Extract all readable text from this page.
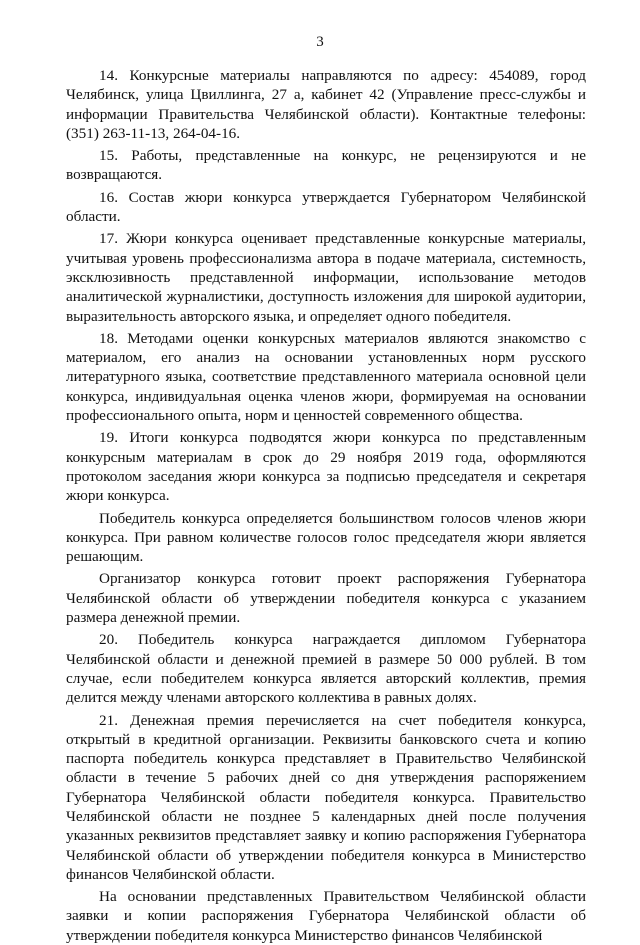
3

14. Конкурсные материалы направляются по адресу: 454089, город Челябинск, улица Цвиллинга, 27 а, кабинет 42 (Управление пресс-службы и информации Правительства Челябинской области). Контактные телефоны: (351) 263-11-13, 264-04-16.

15. Работы, представленные на конкурс, не рецензируются и не возвращаются.

16. Состав жюри конкурса утверждается Губернатором Челябинской области.

17. Жюри конкурса оценивает представленные конкурсные материалы, учитывая уровень профессионализма автора в подаче материала, системность, эксклюзивность представленной информации, использование методов аналитической журналистики, доступность изложения для широкой аудитории, выразительность авторского языка, и определяет одного победителя.

18. Методами оценки конкурсных материалов являются знакомство с материалом, его анализ на основании установленных норм русского литературного языка, соответствие представленного материала основной цели конкурса, индивидуальная оценка членов жюри, формируемая на основании профессионального опыта, норм и ценностей современного общества.

19. Итоги конкурса подводятся жюри конкурса по представленным конкурсным материалам в срок до 29 ноября 2019 года, оформляются протоколом заседания жюри конкурса за подписью председателя и секретаря жюри конкурса.

Победитель конкурса определяется большинством голосов членов жюри конкурса. При равном количестве голосов голос председателя жюри является решающим.

Организатор конкурса готовит проект распоряжения Губернатора Челябинской области об утверждении победителя конкурса с указанием размера денежной премии.

20. Победитель конкурса награждается дипломом Губернатора Челябинской области и денежной премией в размере 50 000 рублей. В том случае, если победителем конкурса является авторский коллектив, премия делится между членами авторского коллектива в равных долях.

21. Денежная премия перечисляется на счет победителя конкурса, открытый в кредитной организации. Реквизиты банковского счета и копию паспорта победитель конкурса представляет в Правительство Челябинской области в течение 5 рабочих дней со дня утверждения распоряжением Губернатора Челябинской области победителя конкурса. Правительство Челябинской области не позднее 5 календарных дней после получения указанных реквизитов представляет заявку и копию распоряжения Губернатора Челябинской области об утверждении победителя конкурса в Министерство финансов Челябинской области.

На основании представленных Правительством Челябинской области заявки и копии распоряжения Губернатора Челябинской области об утверждении победителя конкурса Министерство финансов Челябинской
